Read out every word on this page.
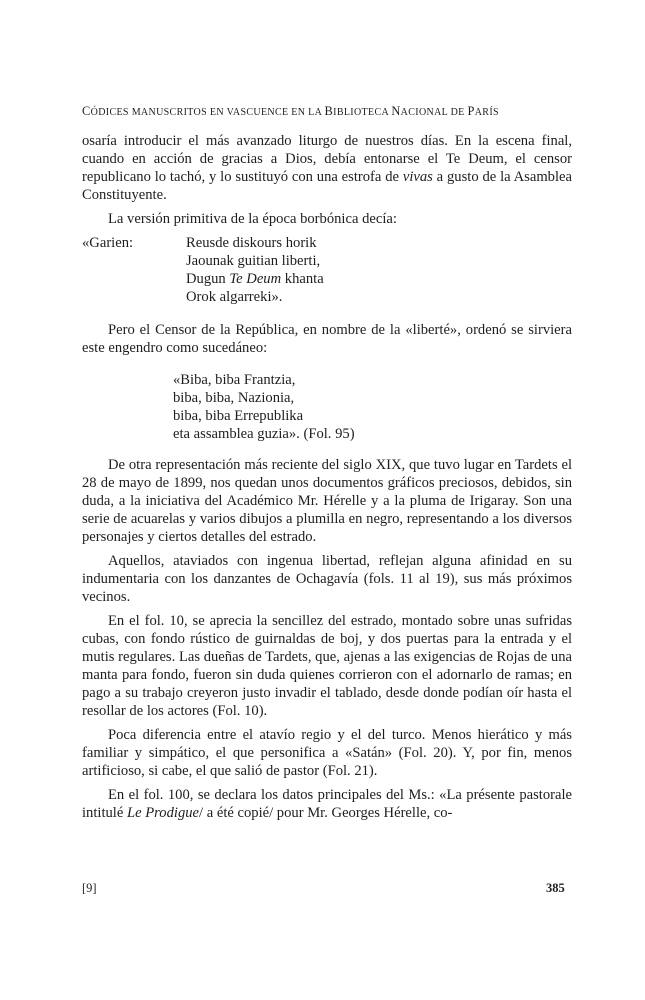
CÓDICES MANUSCRITOS EN VASCUENCE EN LA BIBLIOTECA NACIONAL DE PARÍS

osaría introducir el más avanzado liturgo de nuestros días. En la escena final, cuando en acción de gracias a Dios, debía entonarse el Te Deum, el censor republicano lo tachó, y lo sustituyó con una estrofa de vivas a gusto de la Asamblea Constituyente.

La versión primitiva de la época borbónica decía:

«Garien:	Reusde diskours horik
Jaounak guitian liberti,
Dugun Te Deum khanta
Orok algarreki».

Pero el Censor de la República, en nombre de la «liberté», ordenó se sirviera este engendro como sucedáneo:

«Biba, biba Frantzia,
biba, biba, Nazionia,
biba, biba Errepublika
eta assamblea guzia». (Fol. 95)

De otra representación más reciente del siglo XIX, que tuvo lugar en Tardets el 28 de mayo de 1899, nos quedan unos documentos gráficos preciosos, debidos, sin duda, a la iniciativa del Académico Mr. Hérelle y a la pluma de Irigaray. Son una serie de acuarelas y varios dibujos a plumilla en negro, representando a los diversos personajes y ciertos detalles del estrado.

Aquellos, ataviados con ingenua libertad, reflejan alguna afinidad en su indumentaria con los danzantes de Ochagavía (fols. 11 al 19), sus más próximos vecinos.

En el fol. 10, se aprecia la sencillez del estrado, montado sobre unas sufridas cubas, con fondo rústico de guirnaldas de boj, y dos puertas para la entrada y el mutis regulares. Las dueñas de Tardets, que, ajenas a las exigencias de Rojas de una manta para fondo, fueron sin duda quienes corrieron con el adornarlo de ramas; en pago a su trabajo creyeron justo invadir el tablado, desde donde podían oír hasta el resollar de los actores (Fol. 10).

Poca diferencia entre el atavío regio y el del turco. Menos hierático y más familiar y simpático, el que personifica a «Satán» (Fol. 20). Y, por fin, menos artificioso, si cabe, el que salió de pastor (Fol. 21).

En el fol. 100, se declara los datos principales del Ms.: «La présente pastorale intitulé Le Prodigue/ a été copié/ pour Mr. Georges Hérelle, co-

[9]	385
